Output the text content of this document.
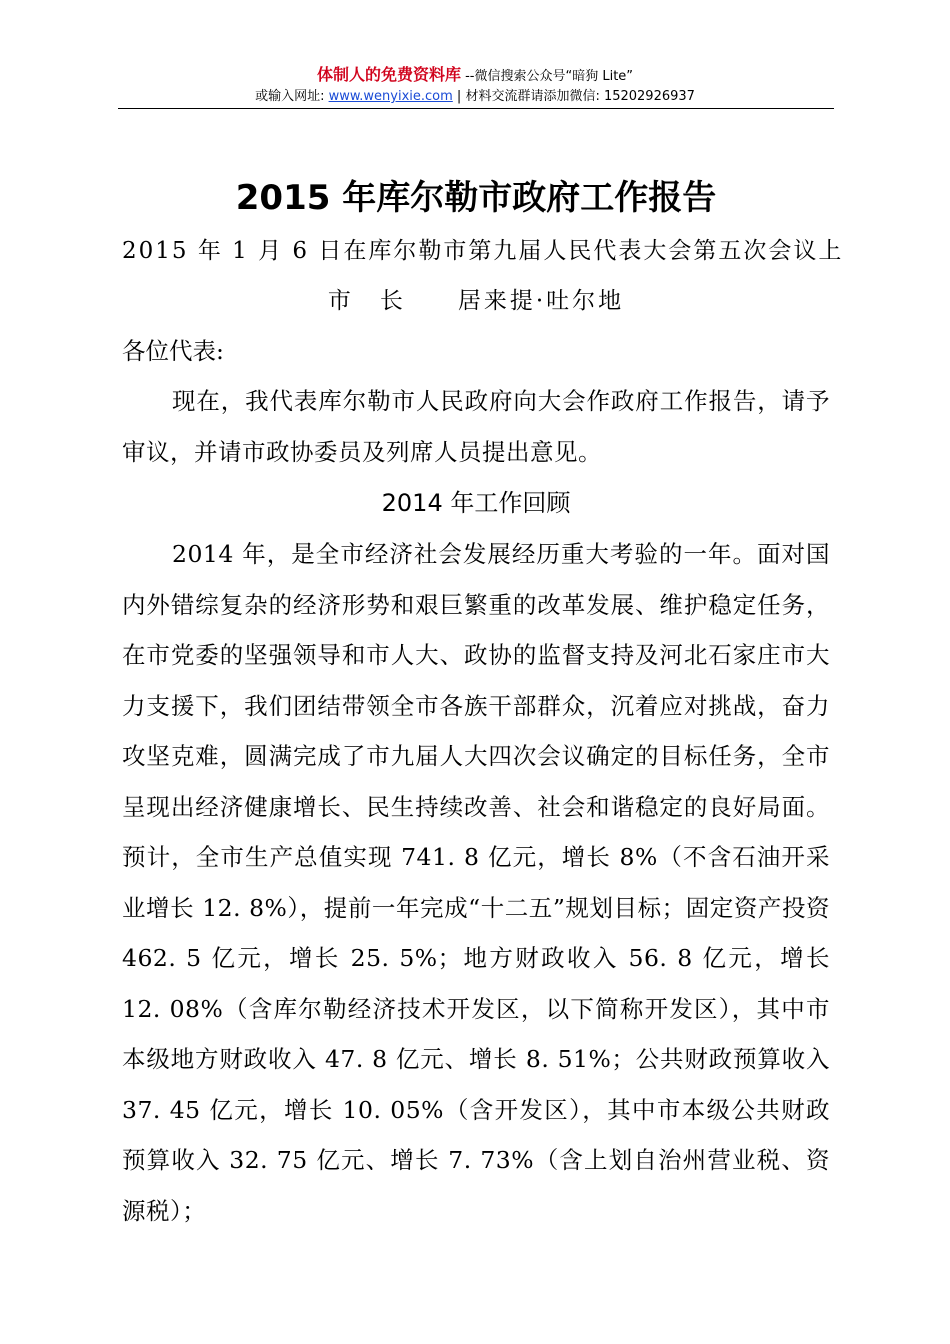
体制人的免费资料库 --微信搜索公众号“暗狗 Lite”
或输入网址: www.wenyixie.com | 材料交流群请添加微信: 15202926937
2015 年库尔勒市政府工作报告
2015 年 1 月 6 日在库尔勒市第九届人民代表大会第五次会议上
市　长　　居来提·吐尔地

各位代表:

现在，我代表库尔勒市人民政府向大会作政府工作报告，请予审议，并请市政协委员及列席人员提出意见。

2014 年工作回顾

2014 年，是全市经济社会发展经历重大考验的一年。面对国内外错综复杂的经济形势和艰巨繁重的改革发展、维护稳定任务，在市党委的坚强领导和市人大、政协的监督支持及河北石家庄市大力支援下，我们团结带领全市各族干部群众，沉着应对挑战，奋力攻坚克难，圆满完成了市九届人大四次会议确定的目标任务，全市呈现出经济健康增长、民生持续改善、社会和谐稳定的良好局面。预计，全市生产总值实现 741. 8 亿元，增长 8%（不含石油开采业增长 12. 8%），提前一年完成“十二五”规划目标；固定资产投资 462. 5 亿元，增长 25. 5%；地方财政收入 56. 8 亿元，增长 12. 08%（含库尔勒经济技术开发区，以下简称开发区），其中市本级地方财政收入 47. 8 亿元、增长 8. 51%；公共财政预算收入 37. 45 亿元，增长 10. 05%（含开发区），其中市本级公共财政预算收入 32. 75 亿元、增长 7. 73%（含上划自治州营业税、资源税）；
